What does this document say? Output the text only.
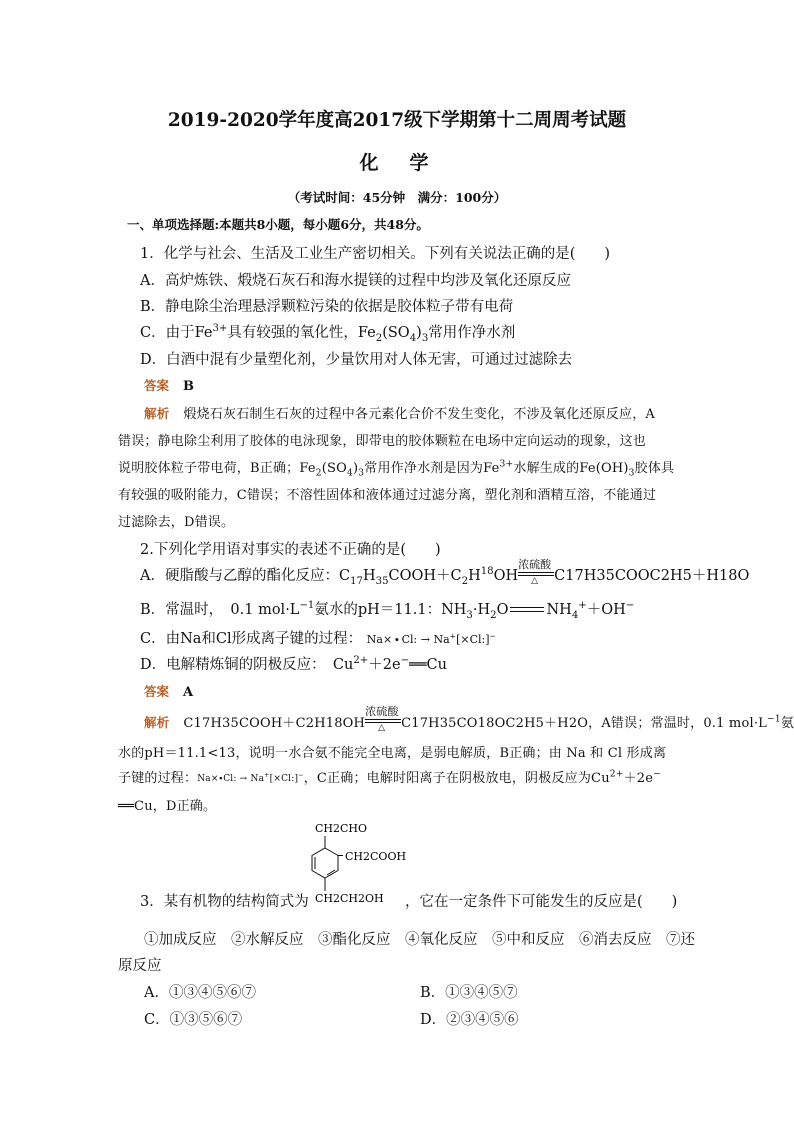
2019-2020学年度高2017级下学期第十二周周考试题
化　学
（考试时间：45分钟　满分：100分）
一、单项选择题:本题共8小题，每小题6分，共48分。
1．化学与社会、生活及工业生产密切相关。下列有关说法正确的是(　　)
A．高炉炼铁、煅烧石灰石和海水提镁的过程中均涉及氧化还原反应
B．静电除尘治理悬浮颗粒污染的依据是胶体粒子带有电荷
C．由于$Fe^{3+}$具有较强的氧化性，$Fe_2(SO_4)_3$常用作净水剂
D．白酒中混有少量塑化剂，少量饮用对人体无害，可通过过滤除去
答案 B
解析 煅烧石灰石制生石灰的过程中各元素化合价不发生变化，不涉及氧化还原反应，A
错误；静电除尘利用了胶体的电泳现象，即带电的胶体颗粒在电场中定向运动的现象，这也
说明胶体粒子带电荷，B正确；$Fe_2(SO_4)_3$常用作净水剂是因为$Fe^{3+}$水解生成的$Fe(OH)_3$胶体具
有较强的吸附能力，C错误；不溶性固体和液体通过过滤分离，塑化剂和酒精互溶，不能通过
过滤除去，D错误。
2.下列化学用语对事实的表述不正确的是(　　)
A．硬脂酸与乙醇的酯化反应：$C_{17}H_{35}COOH+C_2H^{18}OH$
浓硫酸
△ C17H35COOC2H5＋H18O
B．常温时，　0.1 $mol\cdot L^{-1}$氨水的pH＝11.1：$NH_3\cdot H_2O$	$NH_4^++OH^-$
C．由Na和Cl形成离子键的过程： Na× ∙ Cl: → Na+[×Cl:]−
D．电解精炼铜的阴极反应：　$Cu^{2+}+2e^-══Cu$
答案 A
解析 C17H35COOH＋C2H18OH
浓硫酸
△ C17H35CO18OC2H5＋H2O，A错误；常温时，0.1 $mol\cdot L^{-1}$氨
水的pH＝11.1<13，说明一水合氨不能完全电离，是弱电解质，B正确；由 Na 和 Cl 形成离
子键的过程：Na×∙Cl: → Na+[×Cl:]−，C正确；电解时阳离子在阴极放电，阴极反应为$Cu^{2+}+2e^-$
══Cu，D正确。
CH2CHO
CH2COOH
CH2CH2OH
3．某有机物的结构简式为	，它在一定条件下可能发生的反应是(　　)
①加成反应　②水解反应　③酯化反应　④氧化反应　⑤中和反应　⑥消去反应　⑦还
原反应
A．①③④⑤⑥⑦	B．①③④⑤⑦
C．①③⑤⑥⑦	D．②③④⑤⑥
